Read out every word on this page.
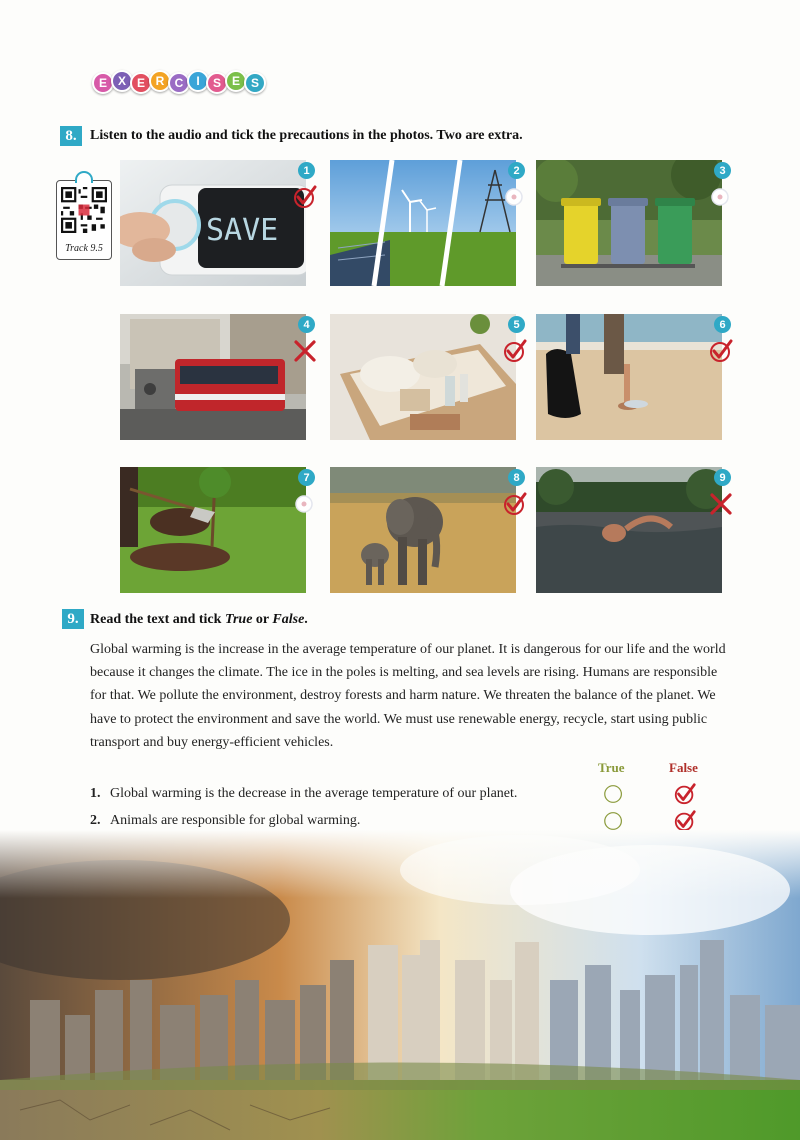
E X E R C	I	S E S
8. Listen to the audio and tick the precautions in the photos. Two are extra.
Track 9.5
SAVE
1	2	3
4	5	6
7	8	9
9. Read the text and tick True or False.
Global warming is the increase in the average temperature of our planet. It is dangerous for our life and the world because it changes the climate. The ice in the poles is melting, and sea levels are rising. Humans are responsible for that. We pollute the environment, destroy forests and harm nature. We threaten the balance of the planet. We have to protect the environment and save the world. We must use renewable energy, recycle, start using public transport and buy energy-efficient vehicles.
True	False
1. Global warming is the decrease in the average temperature of our planet.
2. Animals are responsible for global warming.
